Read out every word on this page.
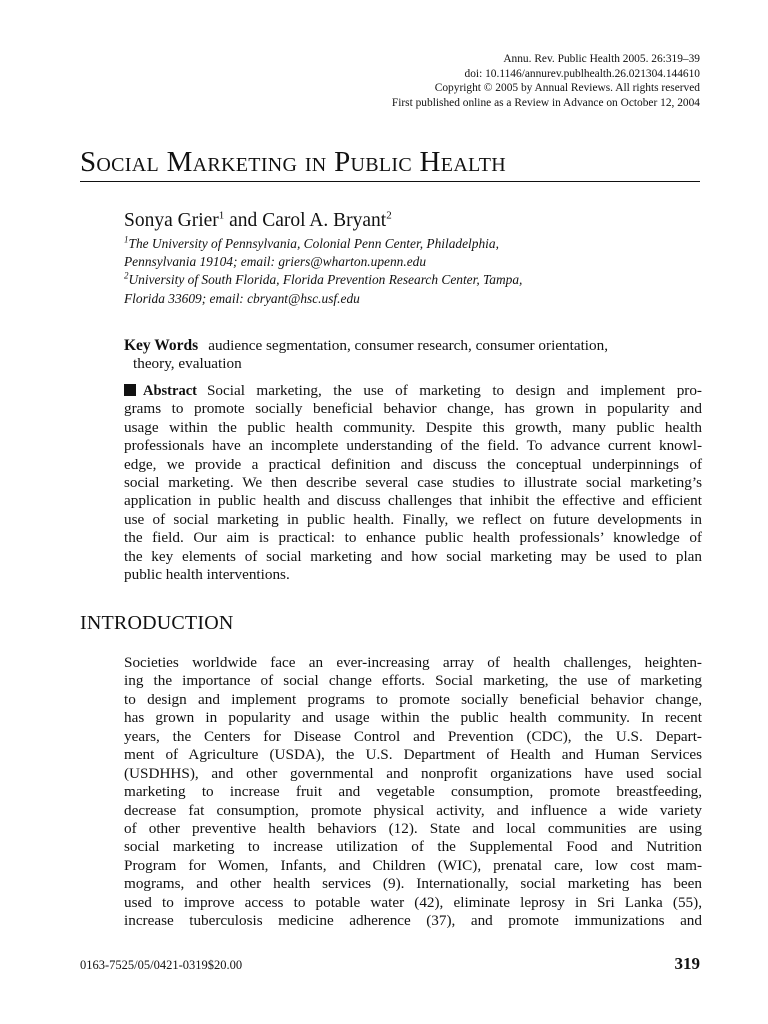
Annu. Rev. Public Health 2005. 26:319–39
doi: 10.1146/annurev.publhealth.26.021304.144610
Copyright © 2005 by Annual Reviews. All rights reserved
First published online as a Review in Advance on October 12, 2004
Social Marketing in Public Health
Sonya Grier$^1$ and Carol A. Bryant$^2$
$^1$The University of Pennsylvania, Colonial Penn Center, Philadelphia,
Pennsylvania 19104; email: griers@wharton.upenn.edu
$^2$University of South Florida, Florida Prevention Research Center, Tampa,
Florida 33609; email: cbryant@hsc.usf.edu
Key Words audience segmentation, consumer research, consumer orientation,
theory, evaluation
Abstract Social marketing, the use of marketing to design and implement pro-
grams to promote socially beneficial behavior change, has grown in popularity and
usage within the public health community. Despite this growth, many public health
professionals have an incomplete understanding of the field. To advance current knowl-
edge, we provide a practical definition and discuss the conceptual underpinnings of
social marketing. We then describe several case studies to illustrate social marketing’s
application in public health and discuss challenges that inhibit the effective and efficient
use of social marketing in public health. Finally, we reflect on future developments in
the field. Our aim is practical: to enhance public health professionals’ knowledge of
the key elements of social marketing and how social marketing may be used to plan
public health interventions.
INTRODUCTION
Societies worldwide face an ever-increasing array of health challenges, heighten-
ing the importance of social change efforts. Social marketing, the use of marketing
to design and implement programs to promote socially beneficial behavior change,
has grown in popularity and usage within the public health community. In recent
years, the Centers for Disease Control and Prevention (CDC), the U.S. Depart-
ment of Agriculture (USDA), the U.S. Department of Health and Human Services
(USDHHS), and other governmental and nonprofit organizations have used social
marketing to increase fruit and vegetable consumption, promote breastfeeding,
decrease fat consumption, promote physical activity, and influence a wide variety
of other preventive health behaviors (12). State and local communities are using
social marketing to increase utilization of the Supplemental Food and Nutrition
Program for Women, Infants, and Children (WIC), prenatal care, low cost mam-
mograms, and other health services (9). Internationally, social marketing has been
used to improve access to potable water (42), eliminate leprosy in Sri Lanka (55),
increase tuberculosis medicine adherence (37), and promote immunizations and
0163-7525/05/0421-0319$20.00	319
